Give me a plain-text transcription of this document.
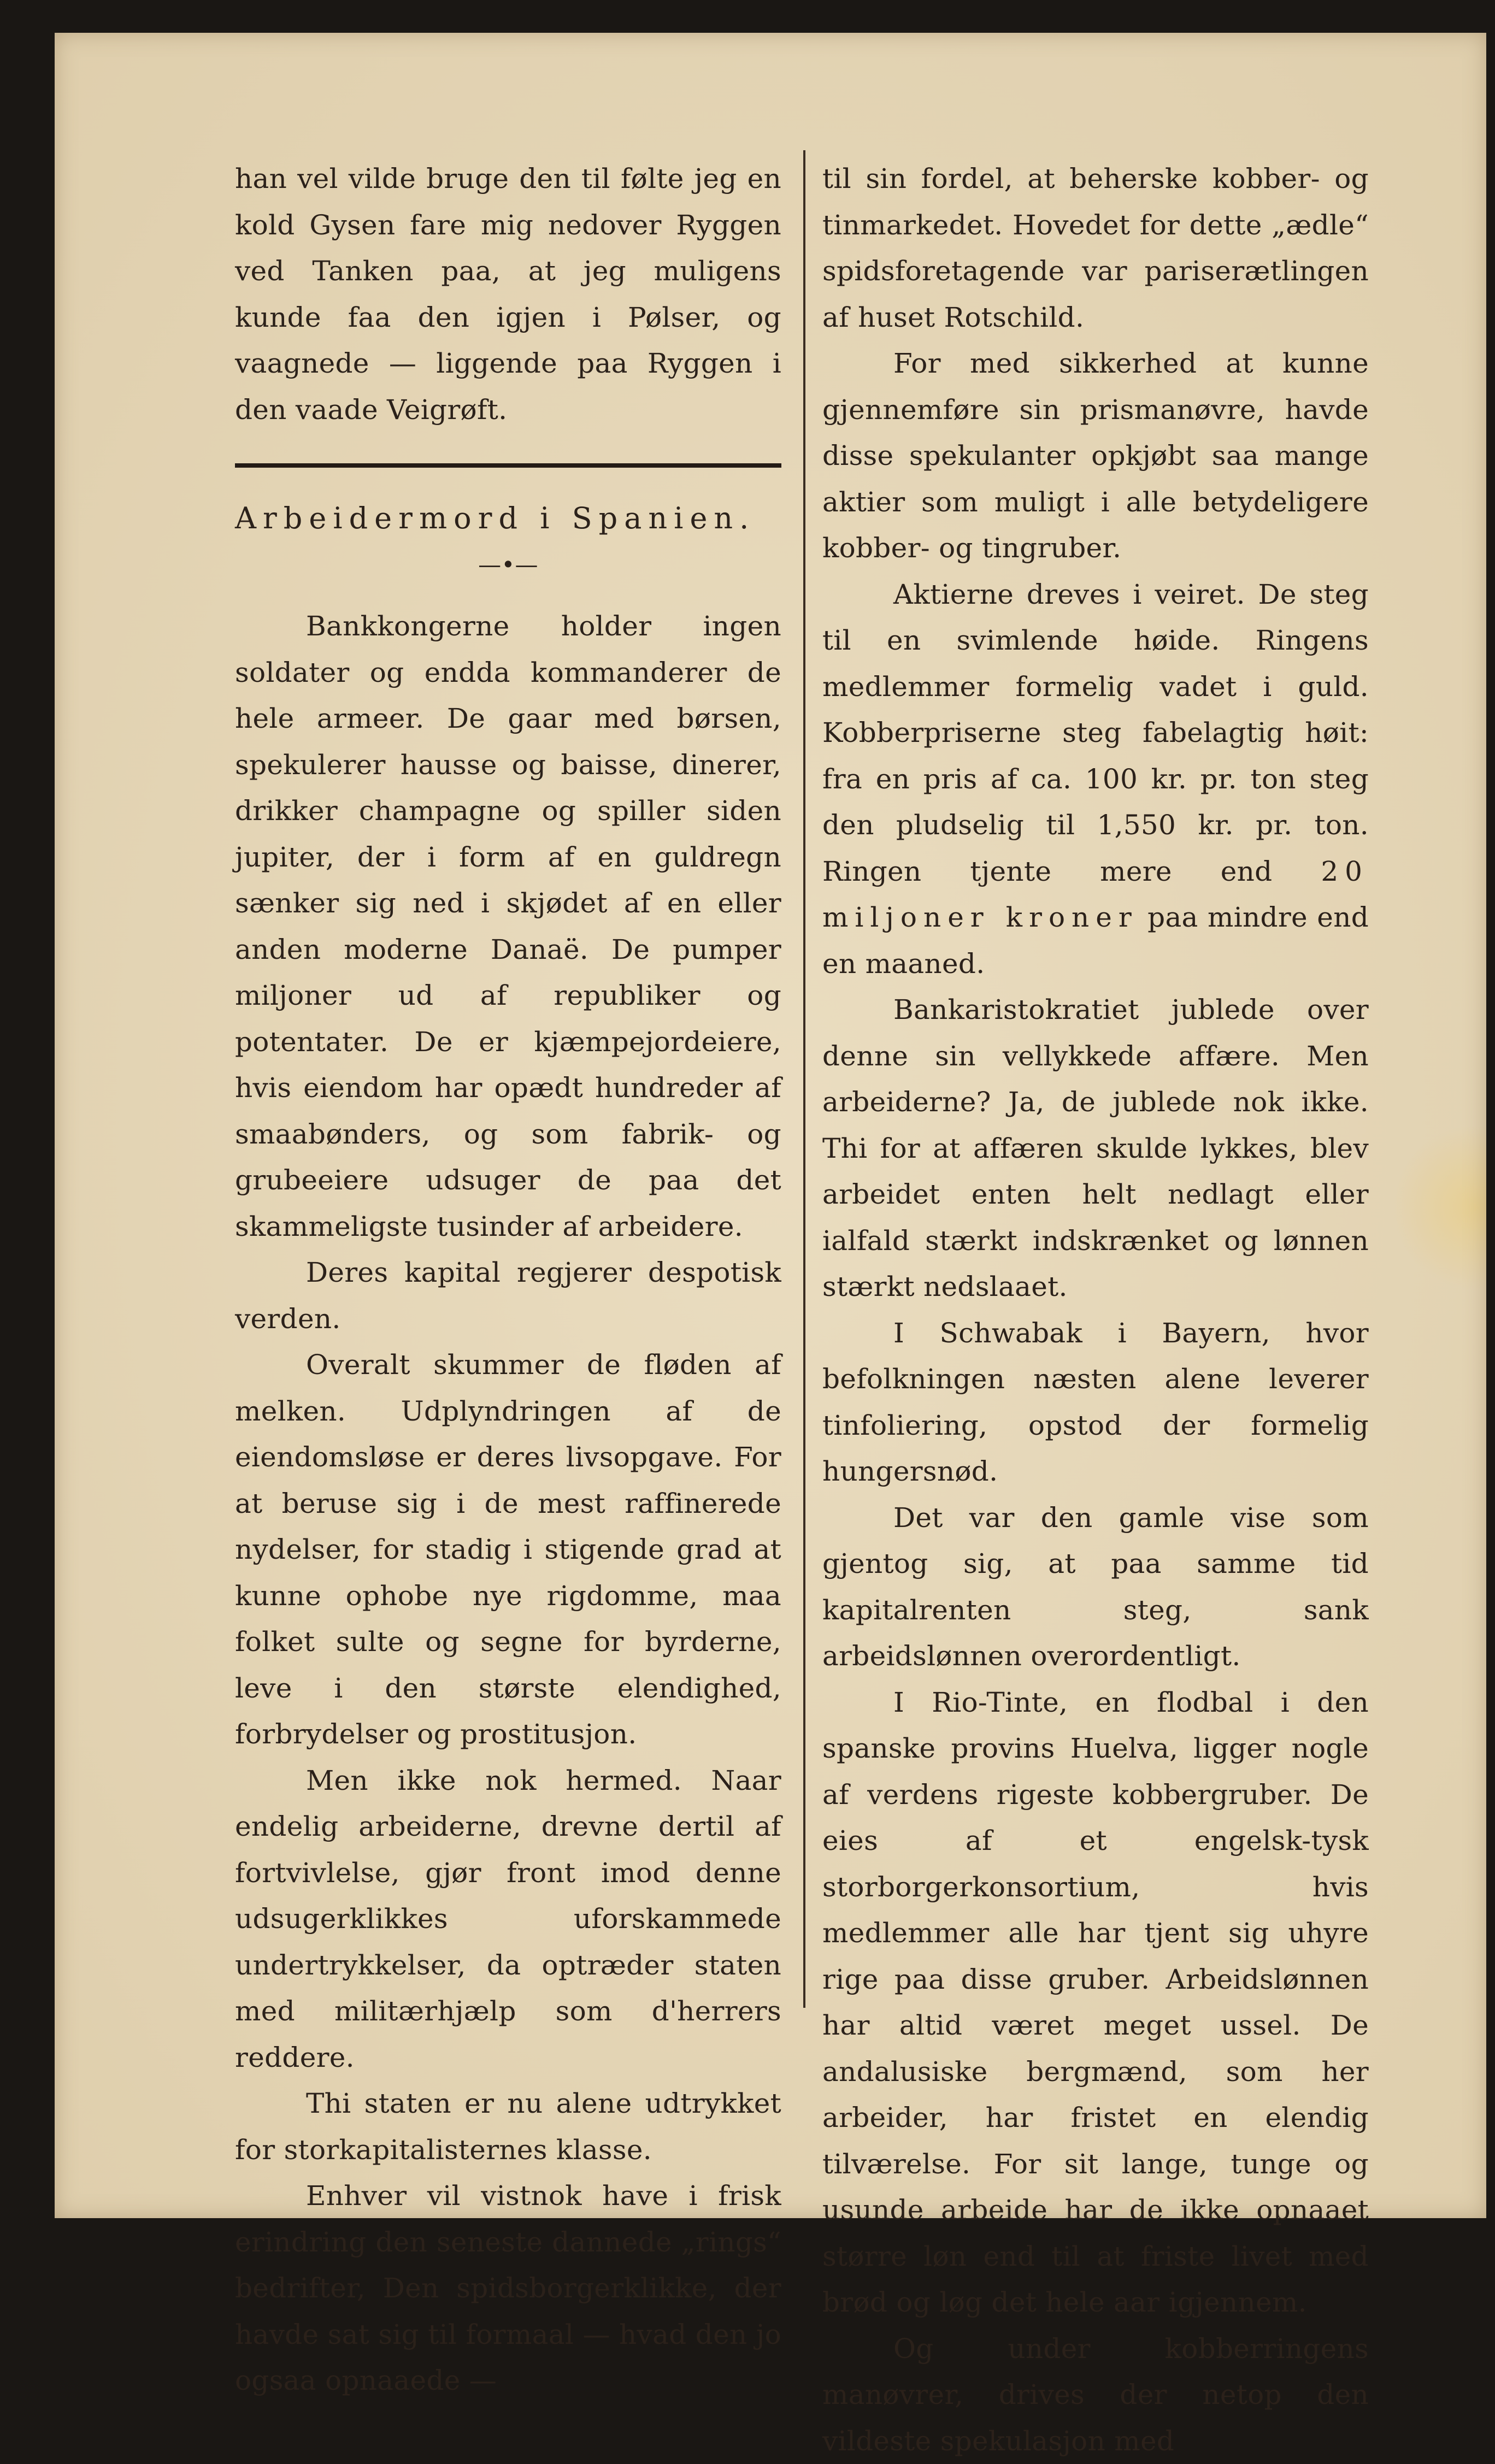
han vel vilde bruge den til følte jeg en kold Gysen fare mig nedover Ryggen ved Tanken paa, at jeg muligens kunde faa den igjen i Pølser, og vaagnede — liggende paa Ryggen i den vaade Veigrøft.

Arbeidermord i Spanien.

—•—

Bankkongerne holder ingen soldater og endda kommanderer de hele armeer. De gaar med børsen, spekulerer hausse og baisse, dinerer, drikker champagne og spiller siden jupiter, der i form af en guldregn sænker sig ned i skjødet af en eller anden moderne Danaë. De pumper miljoner ud af republiker og potentater. De er kjæmpejordeiere, hvis eiendom har opædt hundreder af smaabønders, og som fabrik- og grubeeiere udsuger de paa det skammeligste tusinder af arbeidere.

Deres kapital regjerer despotisk verden.

Overalt skummer de fløden af melken. Udplyndringen af de eiendomsløse er deres livsopgave. For at beruse sig i de mest raffinerede nydelser, for stadig i stigende grad at kunne ophobe nye rigdomme, maa folket sulte og segne for byrderne, leve i den største elendighed, forbrydelser og prostitusjon.

Men ikke nok hermed. Naar endelig arbeiderne, drevne dertil af fortvivlelse, gjør front imod denne udsugerklikkes uforskammede undertrykkelser, da optræder staten med militærhjælp som d'herrers reddere.

Thi staten er nu alene udtrykket for storkapitalisternes klasse.

Enhver vil vistnok have i frisk erindring den seneste dannede „rings“ bedrifter, Den spidsborgerklikke, der havde sat sig til formaal — hvad den jo ogsaa opnaaede —

til sin fordel, at beherske kobber- og tinmarkedet. Hovedet for dette „ædle“ spidsforetagende var pariserætlingen af huset Rotschild.

For med sikkerhed at kunne gjennemføre sin prismanøvre, havde disse spekulanter opkjøbt saa mange aktier som muligt i alle betydeligere kobber- og tingruber.

Aktierne dreves i veiret. De steg til en svimlende høide. Ringens medlemmer formelig vadet i guld. Kobberpriserne steg fabelagtig høit: fra en pris af ca. 100 kr. pr. ton steg den pludselig til 1,550 kr. pr. ton. Ringen tjente mere end 20 miljoner kroner paa mindre end en maaned.

Bankaristokratiet jublede over denne sin vellykkede affære. Men arbeiderne? Ja, de jublede nok ikke. Thi for at affæren skulde lykkes, blev arbeidet enten helt nedlagt eller ialfald stærkt indskrænket og lønnen stærkt nedslaaet.

I Schwabak i Bayern, hvor befolkningen næsten alene leverer tinfoliering, opstod der formelig hungersnød.

Det var den gamle vise som gjentog sig, at paa samme tid kapitalrenten steg, sank arbeidslønnen overordentligt.

I Rio-Tinte, en flodbal i den spanske provins Huelva, ligger nogle af verdens rigeste kobbergruber. De eies af et engelsk-tysk storborgerkonsortium, hvis medlemmer alle har tjent sig uhyre rige paa disse gruber. Arbeidslønnen har altid været meget ussel. De andalusiske bergmænd, som her arbeider, har fristet en elendig tilværelse. For sit lange, tunge og usunde arbeide har de ikke opnaaet større løn end til at friste livet med brød og løg det hele aar igjennem.

Og under kobberringens manøvrer, drives der netop den vildeste spekulasjon med
